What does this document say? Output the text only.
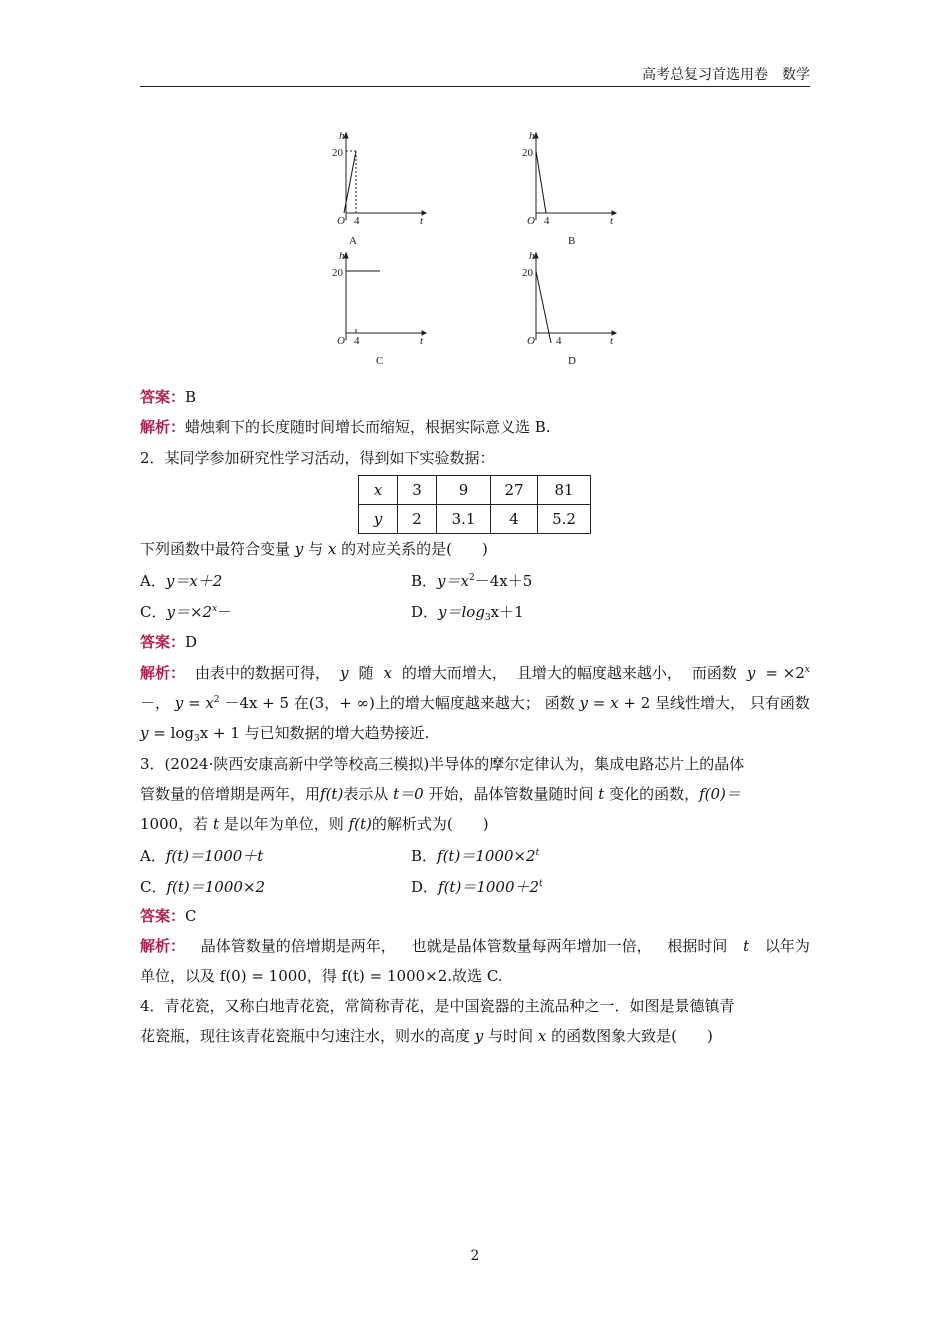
高考总复习首选用卷　数学
h
20
O 4	t
A
h
20
O 4	t
B
h
20
O 4	t
C
h
20
O 4	t
D
答案：B
解析：蜡烛剩下的长度随时间增长而缩短，根据实际意义选 B.
2．某同学参加研究性学习活动，得到如下实验数据：
x	3	9	27	81
y	2	3.1	4	5.2
下列函数中最符合变量 y 与 x 的对应关系的是(　　)
A．y＝x＋2	B．$y=x^2-4x+5$
C．$y=\times 2^x-$	D．$y=\log_3x+1$
答案：D
解析： 由表中的数据可得， y 随 x 的增大而增大， 且增大的幅度越来越小， 而函数 $y = \times 2^x$
－， $y = x^2 -4x + 5$ 在(3，+ ∞)上的增大幅度越来越大； 函数 y = x + 2 呈线性增大， 只有函数
$y = \log_3x + 1$ 与已知数据的增大趋势接近.
3．(2024·陕西安康高新中学等校高三模拟)半导体的摩尔定律认为，集成电路芯片上的晶体
管数量的倍增期是两年，用f(t)表示从 t＝0 开始，晶体管数量随时间 t 变化的函数，f(0)＝
1000，若 t 是以年为单位，则 f(t)的解析式为(　　)
A．f(t)＝1000＋t	B．$f(t)=1000\times 2^t$
C．f(t)＝1000×2	D．$f(t)=1000+2^t$
答案：C
解析： 晶体管数量的倍增期是两年， 也就是晶体管数量每两年增加一倍， 根据时间 t 以年为
单位，以及 f(0) = 1000，得 f(t) = 1000×2.故选 C.
4．青花瓷，又称白地青花瓷，常简称青花，是中国瓷器的主流品种之一．如图是景德镇青
花瓷瓶，现往该青花瓷瓶中匀速注水，则水的高度 y 与时间 x 的函数图象大致是(　　)
2
